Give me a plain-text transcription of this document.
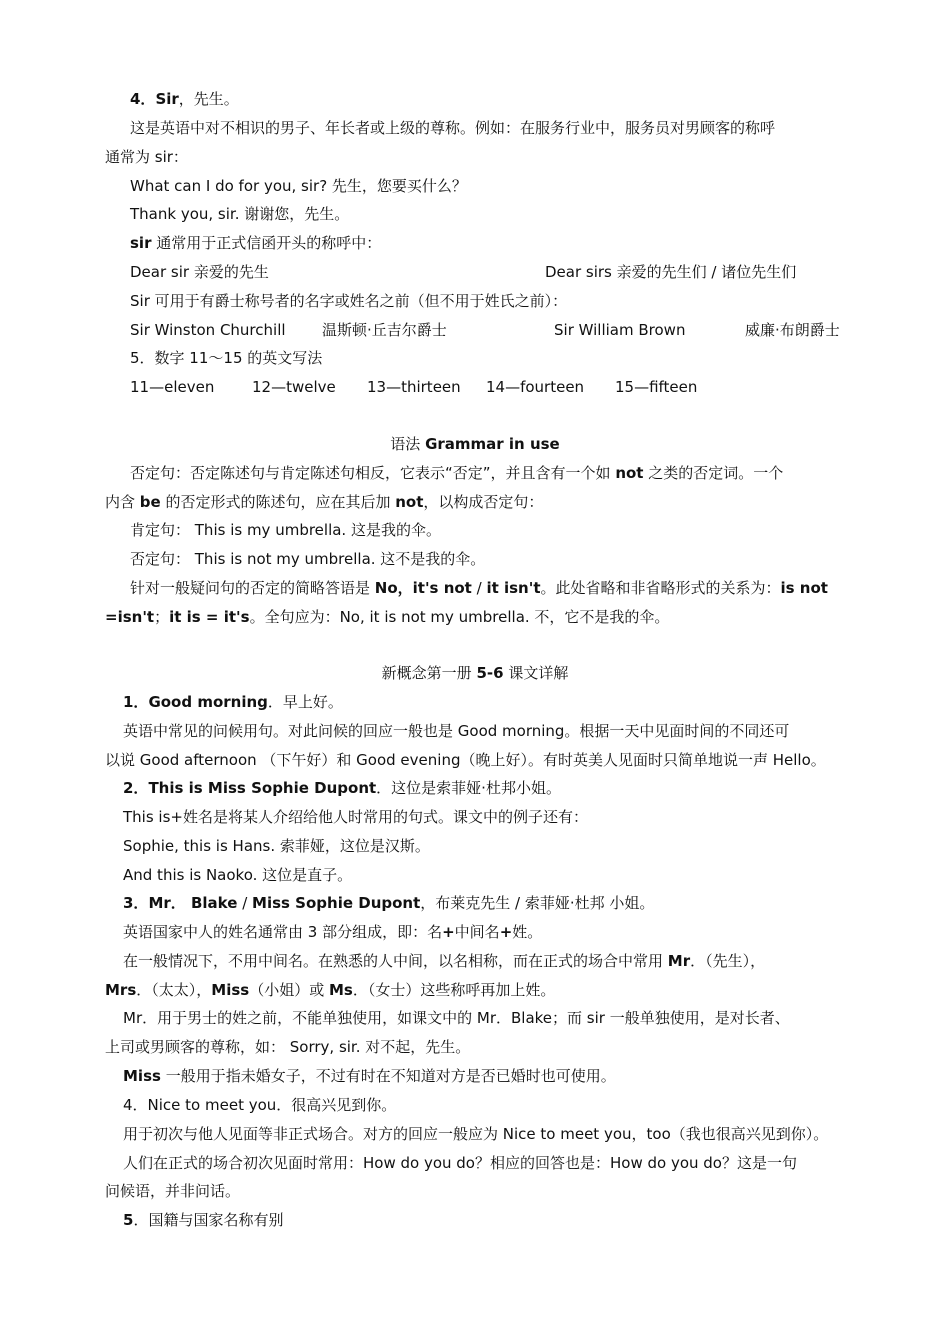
4．Sir，先生。
这是英语中对不相识的男子、年长者或上级的尊称。例如：在服务行业中，服务员对男顾客的称呼
通常为 sir：
What can I do for you, sir? 先生，您要买什么？
Thank you, sir. 谢谢您，先生。
sir 通常用于正式信函开头的称呼中：
Dear sir 亲爱的先生	Dear sirs 亲爱的先生们 / 诸位先生们
Sir 可用于有爵士称号者的名字或姓名之前（但不用于姓氏之前）：
Sir Winston Churchill 温斯顿·丘吉尔爵士	Sir William Brown	威廉·布朗爵士
5．数字 11～15 的英文写法
11—eleven	12—twelve 13—thirteen 14—fourteen 15—fifteen
语法 Grammar in use
否定句：否定陈述句与肯定陈述句相反，它表示“否定”，并且含有一个如 not 之类的否定词。一个
内含 be 的否定形式的陈述句，应在其后加 not，以构成否定句：
肯定句： This is my umbrella. 这是我的伞。
否定句： This is not my umbrella. 这不是我的伞。
针对一般疑问句的否定的简略答语是 No，it's not / it isn't。此处省略和非省略形式的关系为：is not
=isn't；it is = it's。全句应为：No, it is not my umbrella. 不，它不是我的伞。
新概念第一册 5-6 课文详解
1．Good morning．早上好。
英语中常见的问候用句。对此问候的回应一般也是 Good morning。根据一天中见面时间的不同还可
以说 Good afternoon （下午好）和 Good evening（晚上好）。有时英美人见面时只简单地说一声 Hello。
2．This is Miss Sophie Dupont．这位是索菲娅·杜邦小姐。
This is+姓名是将某人介绍给他人时常用的句式。课文中的例子还有：
Sophie, this is Hans. 索菲娅，这位是汉斯。
And this is Naoko. 这位是直子。
3．Mr． Blake / Miss Sophie Dupont，布莱克先生 / 索菲娅·杜邦 小姐。
英语国家中人的姓名通常由 3 部分组成，即：名+中间名+姓。
在一般情况下，不用中间名。在熟悉的人中间，以名相称，而在正式的场合中常用 Mr．（先生），
Mrs．（太太），Miss（小姐）或 Ms．（女士）这些称呼再加上姓。
Mr．用于男士的姓之前，不能单独使用，如课文中的 Mr．Blake；而 sir 一般单独使用，是对长者、
上司或男顾客的尊称，如： Sorry, sir. 对不起，先生。
Miss 一般用于指未婚女子，不过有时在不知道对方是否已婚时也可使用。
4．Nice to meet you．很高兴见到你。
用于初次与他人见面等非正式场合。对方的回应一般应为 Nice to meet you，too（我也很高兴见到你）。
人们在正式的场合初次见面时常用：How do you do？相应的回答也是：How do you do？这是一句
问候语，并非问话。
5．国籍与国家名称有别
